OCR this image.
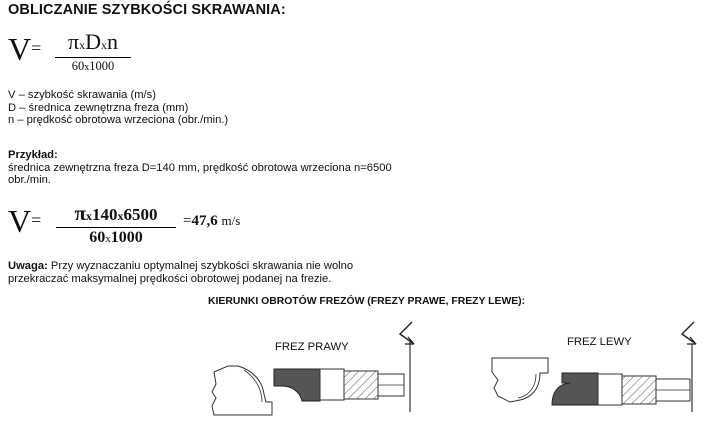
OBLICZANIE SZYBKOŚCI SKRAWANIA:
V=	πxDxn
60x1000
V – szybkość skrawania (m/s)
D – średnica zewnętrzna freza (mm)
n – prędkość obrotowa wrzeciona (obr./min.)
Przykład:
średnica zewnętrzna freza D=140 mm, prędkość obrotowa wrzeciona n=6500
obr./min.
$V= \frac{\pi x140x6500}{60x1000} =47,6$ m/s
Uwaga: Przy wyznaczaniu optymalnej szybkości skrawania nie wolno
przekraczać maksymalnej prędkości obrotowej podanej na frezie.
KIERUNKI OBROTÓW FREZÓW (FREZY PRAWE, FREZY LEWE):
FREZ PRAWY	FREZ LEWY
